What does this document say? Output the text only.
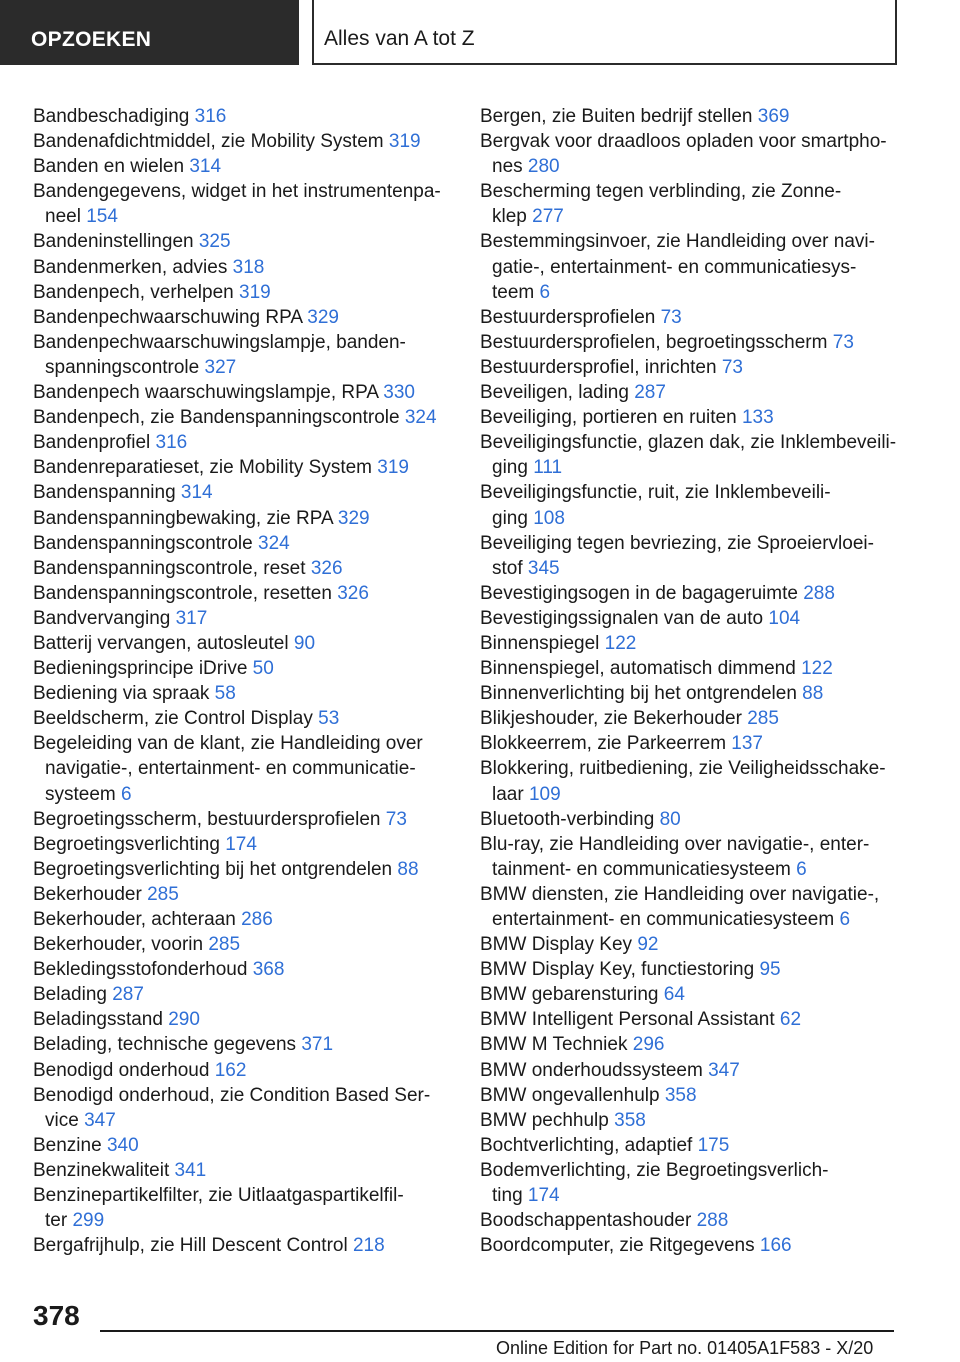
OPZOEKEN	Alles van A tot Z
Bandbeschadiging 316
Bandenafdichtmiddel, zie Mobility System 319
Banden en wielen 314
Bandengegevens, widget in het instrumentenpa-
neel 154
Bandeninstellingen 325
Bandenmerken, advies 318
Bandenpech, verhelpen 319
Bandenpechwaarschuwing RPA 329
Bandenpechwaarschuwingslampje, banden-
spanningscontrole 327
Bandenpech waarschuwingslampje, RPA 330
Bandenpech, zie Bandenspanningscontrole 324
Bandenprofiel 316
Bandenreparatieset, zie Mobility System 319
Bandenspanning 314
Bandenspanningbewaking, zie RPA 329
Bandenspanningscontrole 324
Bandenspanningscontrole, reset 326
Bandenspanningscontrole, resetten 326
Bandvervanging 317
Batterij vervangen, autosleutel 90
Bedieningsprincipe iDrive 50
Bediening via spraak 58
Beeldscherm, zie Control Display 53
Begeleiding van de klant, zie Handleiding over
navigatie-, entertainment- en communicatie-
systeem 6
Begroetingsscherm, bestuurdersprofielen 73
Begroetingsverlichting 174
Begroetingsverlichting bij het ontgrendelen 88
Bekerhouder 285
Bekerhouder, achteraan 286
Bekerhouder, voorin 285
Bekledingsstofonderhoud 368
Belading 287
Beladingsstand 290
Belading, technische gegevens 371
Benodigd onderhoud 162
Benodigd onderhoud, zie Condition Based Ser-
vice 347
Benzine 340
Benzinekwaliteit 341
Benzinepartikelfilter, zie Uitlaatgaspartikelfil-
ter 299
Bergafrijhulp, zie Hill Descent Control 218
Bergen, zie Buiten bedrijf stellen 369
Bergvak voor draadloos opladen voor smartpho-
nes 280
Bescherming tegen verblinding, zie Zonne-
klep 277
Bestemmingsinvoer, zie Handleiding over navi-
gatie-, entertainment- en communicatiesys-
teem 6
Bestuurdersprofielen 73
Bestuurdersprofielen, begroetingsscherm 73
Bestuurdersprofiel, inrichten 73
Beveiligen, lading 287
Beveiliging, portieren en ruiten 133
Beveiligingsfunctie, glazen dak, zie Inklembeveili-
ging 111
Beveiligingsfunctie, ruit, zie Inklembeveili-
ging 108
Beveiliging tegen bevriezing, zie Sproeiervloei-
stof 345
Bevestigingsogen in de bagageruimte 288
Bevestigingssignalen van de auto 104
Binnenspiegel 122
Binnenspiegel, automatisch dimmend 122
Binnenverlichting bij het ontgrendelen 88
Blikjeshouder, zie Bekerhouder 285
Blokkeerrem, zie Parkeerrem 137
Blokkering, ruitbediening, zie Veiligheidsschake-
laar 109
Bluetooth-verbinding 80
Blu-ray, zie Handleiding over navigatie-, enter-
tainment- en communicatiesysteem 6
BMW diensten, zie Handleiding over navigatie-,
entertainment- en communicatiesysteem 6
BMW Display Key 92
BMW Display Key, functiestoring 95
BMW gebarensturing 64
BMW Intelligent Personal Assistant 62
BMW M Techniek 296
BMW onderhoudssysteem 347
BMW ongevallenhulp 358
BMW pechhulp 358
Bochtverlichting, adaptief 175
Bodemverlichting, zie Begroetingsverlich-
ting 174
Boodschappentashouder 288
Boordcomputer, zie Ritgegevens 166
378
Online Edition for Part no. 01405A1F583 - X/20
